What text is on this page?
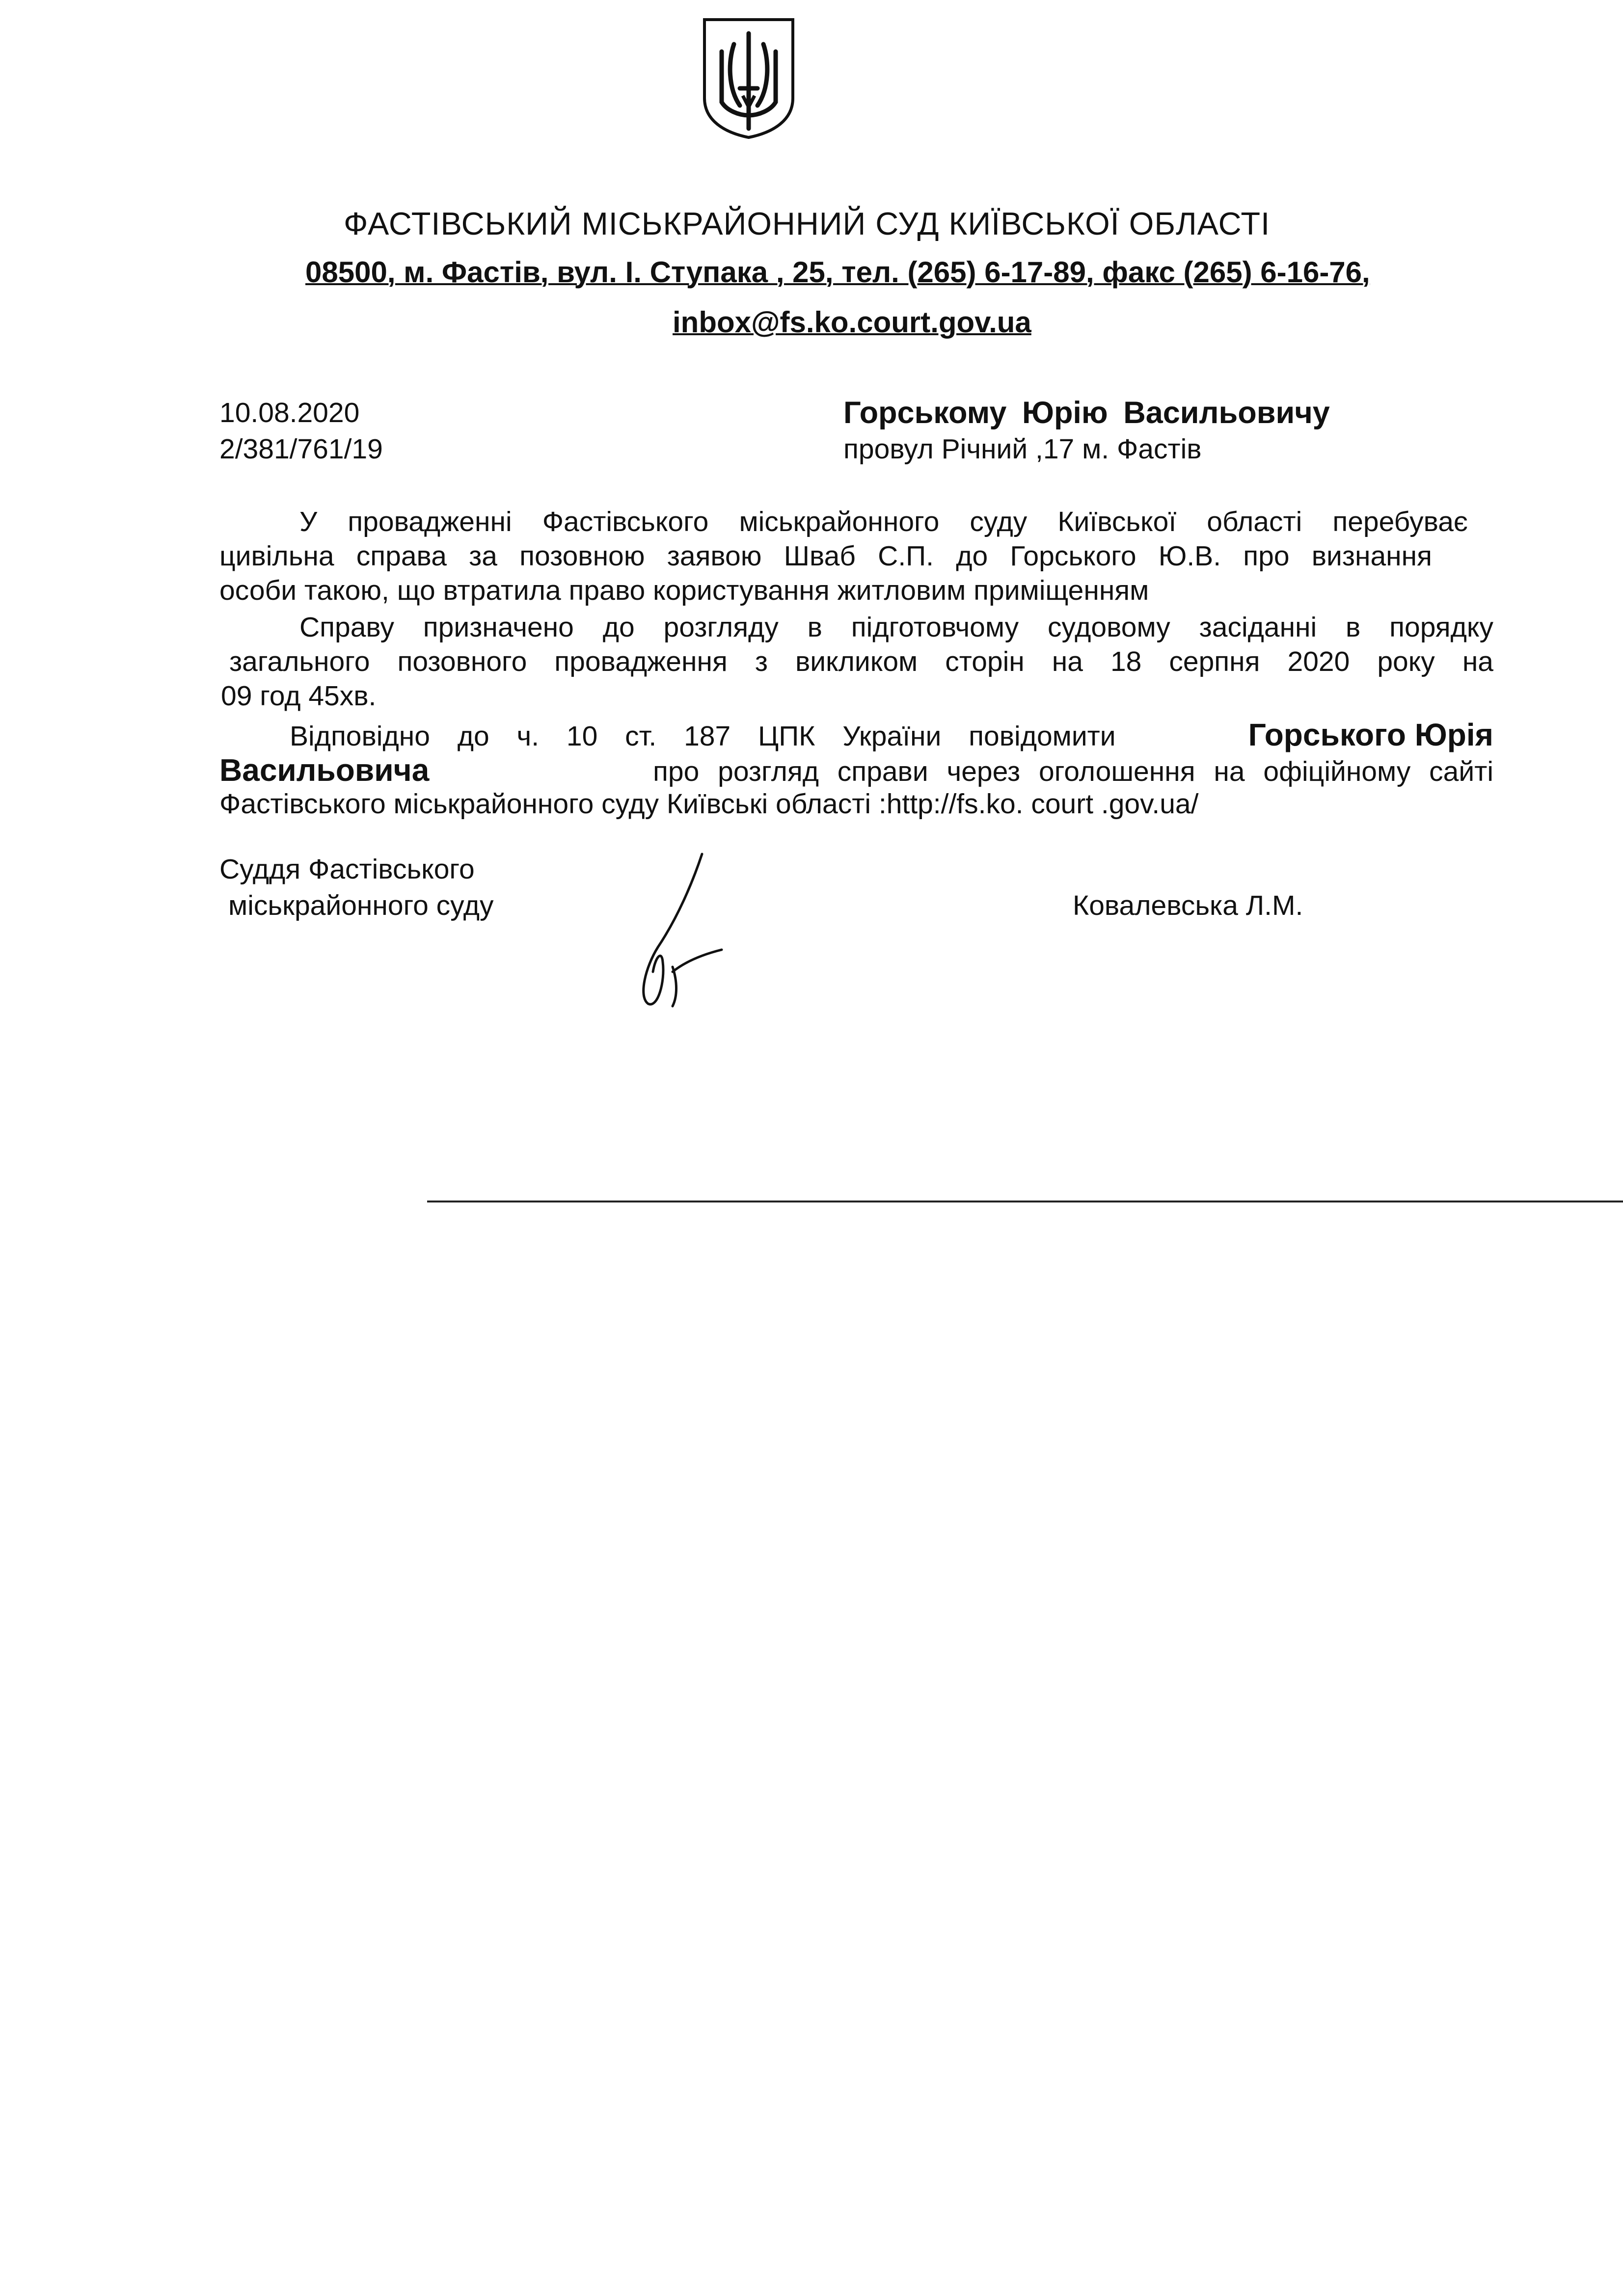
ФАСТІВСЬКИЙ МІСЬКРАЙОННИЙ СУД КИЇВСЬКОЇ ОБЛАСТІ
08500, м. Фастів, вул. І. Ступака , 25, тел. (265) 6-17-89, факс (265) 6-16-76,
inbox@fs.ko.court.gov.ua
10.08.2020
2/381/761/19
Горському Юрію Васильовичу
провул Річний ,17 м. Фастів
У провадженні Фастівського міськрайонного суду Київської області перебуває
цивільна справа за позовною заявою Шваб С.П. до Горського Ю.В. про визнання
особи такою, що втратила право користування житловим приміщенням
Справу призначено до розгляду в підготовчому судовому засіданні в порядку
загального позовного провадження з викликом сторін на 18 серпня 2020 року на
09 год 45хв.
Відповідно до ч. 10 ст. 187 ЦПК України повідомити	Горського Юрія
Васильовича	про розгляд справи через оголошення на офіційному сайті
Фастівського міськрайонного суду Київські області :http://fs.ko. court .gov.ua/
Суддя Фастівського
міськрайонного суду	Ковалевська Л.М.
